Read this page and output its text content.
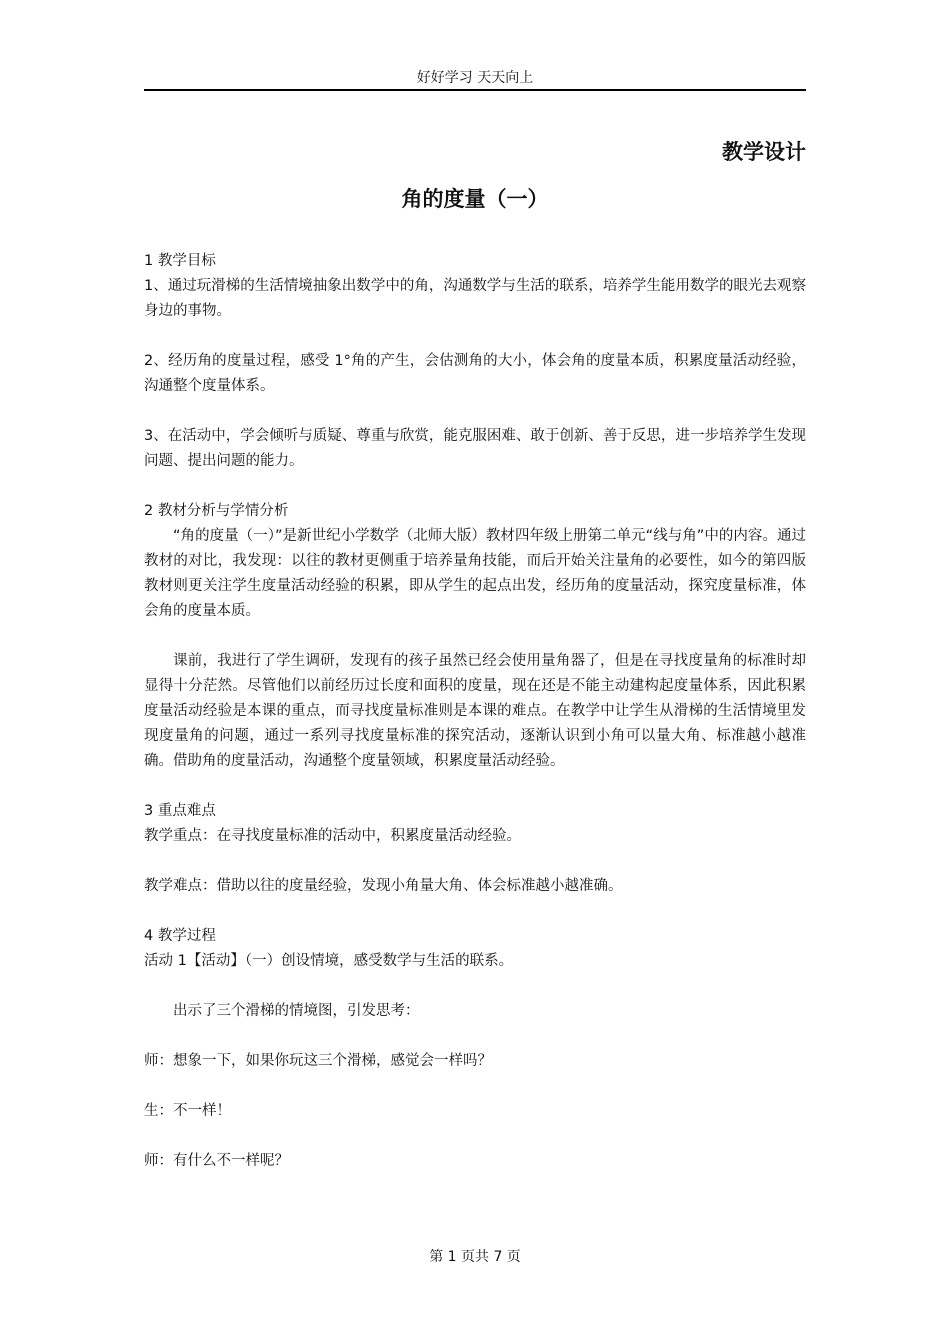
好好学习 天天向上
教学设计
角的度量（一）

1 教学目标

1、通过玩滑梯的生活情境抽象出数学中的角，沟通数学与生活的联系，培养学生能用数学的眼光去观察身边的事物。

2、经历角的度量过程，感受 1°角的产生，会估测角的大小，体会角的度量本质，积累度量活动经验，沟通整个度量体系。

3、在活动中，学会倾听与质疑、尊重与欣赏，能克服困难、敢于创新、善于反思，进一步培养学生发现问题、提出问题的能力。

2 教材分析与学情分析

“角的度量（一）”是新世纪小学数学（北师大版）教材四年级上册第二单元“线与角”中的内容。通过教材的对比，我发现：以往的教材更侧重于培养量角技能，而后开始关注量角的必要性，如今的第四版教材则更关注学生度量活动经验的积累，即从学生的起点出发，经历角的度量活动，探究度量标准，体会角的度量本质。

课前，我进行了学生调研，发现有的孩子虽然已经会使用量角器了，但是在寻找度量角的标准时却显得十分茫然。尽管他们以前经历过长度和面积的度量，现在还是不能主动建构起度量体系，因此积累度量活动经验是本课的重点，而寻找度量标准则是本课的难点。在教学中让学生从滑梯的生活情境里发现度量角的问题，通过一系列寻找度量标准的探究活动，逐渐认识到小角可以量大角、标准越小越准确。借助角的度量活动，沟通整个度量领域，积累度量活动经验。

3 重点难点

教学重点：在寻找度量标准的活动中，积累度量活动经验。

教学难点：借助以往的度量经验，发现小角量大角、体会标准越小越准确。

4 教学过程

活动 1【活动】（一）创设情境，感受数学与生活的联系。

出示了三个滑梯的情境图，引发思考：

师：想象一下，如果你玩这三个滑梯，感觉会一样吗？

生：不一样！

师：有什么不一样呢？

第 1 页共 7 页
